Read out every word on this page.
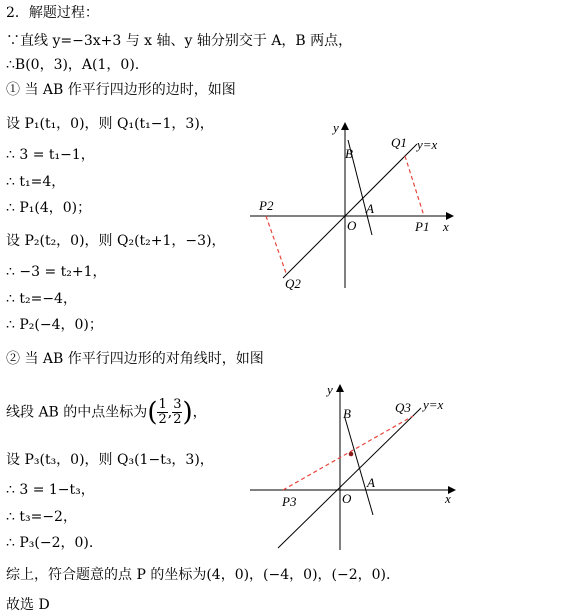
2．解题过程：
∵直线 y=−3x+3 与 x 轴、y 轴分别交于 A，B 两点，
∴B(0，3)，A(1，0).
① 当 AB 作平行四边形的边时，如图
设 P₁(t₁，0)，则 Q₁(t₁−1，3)，
∴ 3 = t₁−1，
∴ t₁=4，
∴ P₁(4，0)；
设 P₂(t₂，0)，则 Q₂(t₂+1，−3)，
∴ −3 = t₂+1，
∴ t₂=−4，
∴ P₂(−4，0)；
② 当 AB 作平行四边形的对角线时，如图
线段 AB 的中点坐标为( $\frac{1}{2}$ , $\frac{3}{2}$ )，
设 P₃(t₃，0)，则 Q₃(1−t₃，3)，
∴ 3 = 1−t₃，
∴ t₃=−2，
∴ P₃(−2，0).
综上，符合题意的点 P 的坐标为(4，0)，(−4，0)，(−2，0).
故选 D
y
x
B
A
O
Q1 y=x
P1
P2
Q2
y
x
B
A
O
Q3 y=x
P3
